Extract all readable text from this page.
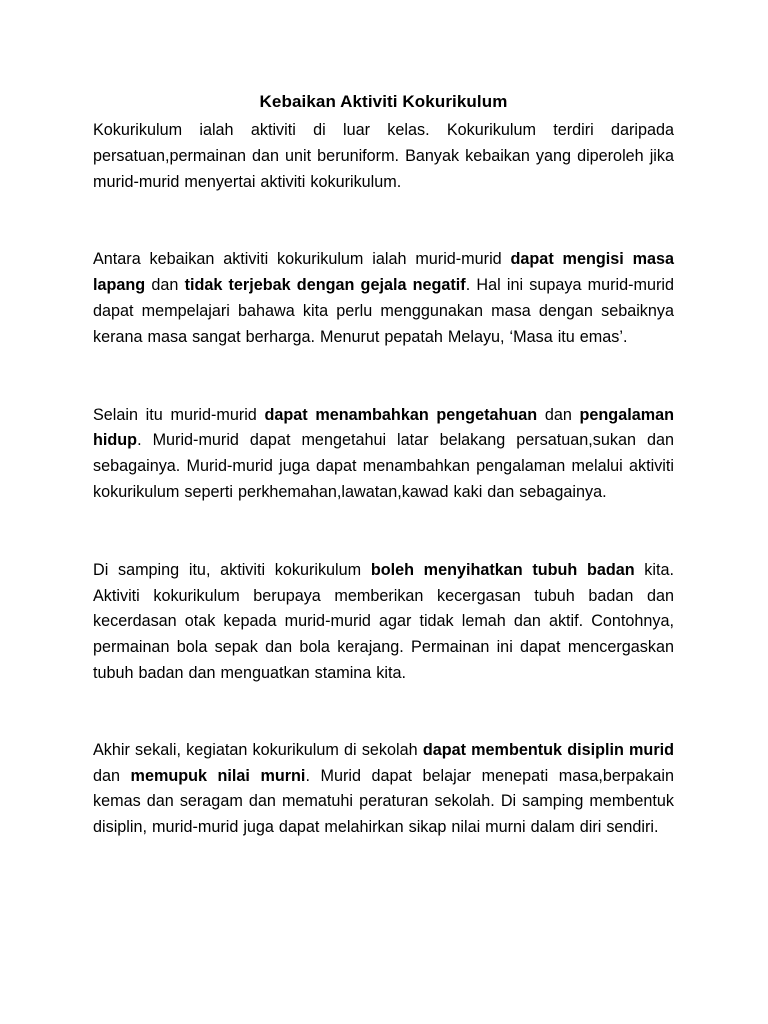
Kebaikan Aktiviti Kokurikulum

Kokurikulum ialah aktiviti di luar kelas. Kokurikulum terdiri daripada persatuan,permainan dan unit beruniform. Banyak kebaikan yang diperoleh jika murid-murid menyertai aktiviti kokurikulum.

Antara kebaikan aktiviti kokurikulum ialah murid-murid dapat mengisi masa lapang dan tidak terjebak dengan gejala negatif. Hal ini supaya murid-murid dapat mempelajari bahawa kita perlu menggunakan masa dengan sebaiknya kerana masa sangat berharga. Menurut pepatah Melayu, ‘Masa itu emas’.

Selain itu murid-murid dapat menambahkan pengetahuan dan pengalaman hidup. Murid-murid dapat mengetahui latar belakang persatuan,sukan dan sebagainya. Murid-murid juga dapat menambahkan pengalaman melalui aktiviti kokurikulum seperti perkhemahan,lawatan,kawad kaki dan sebagainya.

Di samping itu, aktiviti kokurikulum boleh menyihatkan tubuh badan kita. Aktiviti kokurikulum berupaya memberikan kecergasan tubuh badan dan kecerdasan otak kepada murid-murid agar tidak lemah dan aktif. Contohnya, permainan bola sepak dan bola kerajang. Permainan ini dapat mencergaskan tubuh badan dan menguatkan stamina kita.

Akhir sekali, kegiatan kokurikulum di sekolah dapat membentuk disiplin murid dan memupuk nilai murni. Murid dapat belajar menepati masa,berpakain kemas dan seragam dan mematuhi peraturan sekolah. Di samping membentuk disiplin, murid-murid juga dapat melahirkan sikap nilai murni dalam diri sendiri.
